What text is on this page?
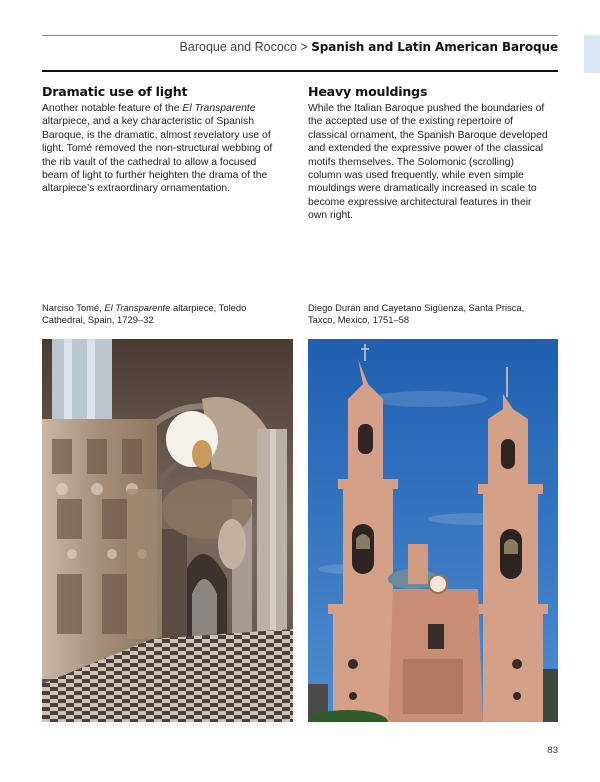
Baroque and Rococo > Spanish and Latin American Baroque
Dramatic use of light

Another notable feature of the El Transparente altarpiece, and a key characteristic of Spanish Baroque, is the dramatic, almost revelatory use of light. Tomé removed the non-structural webbing of the rib vault of the cathedral to allow a focused beam of light to further heighten the drama of the altarpiece’s extraordinary ornamentation.

Heavy mouldings

While the Italian Baroque pushed the boundaries of the accepted use of the existing repertoire of classical ornament, the Spanish Baroque developed and extended the expressive power of the classical motifs themselves. The Solomonic (scrolling) column was used frequently, while even simple mouldings were dramatically increased in scale to become expressive architectural features in their own right.

Narciso Tomé, El Transparente altarpiece, Toledo Cathedral, Spain, 1729–32
Diego Durán and Cayetano Sigüenza, Santa Prisca, Taxco, Mexico, 1751–58
83
